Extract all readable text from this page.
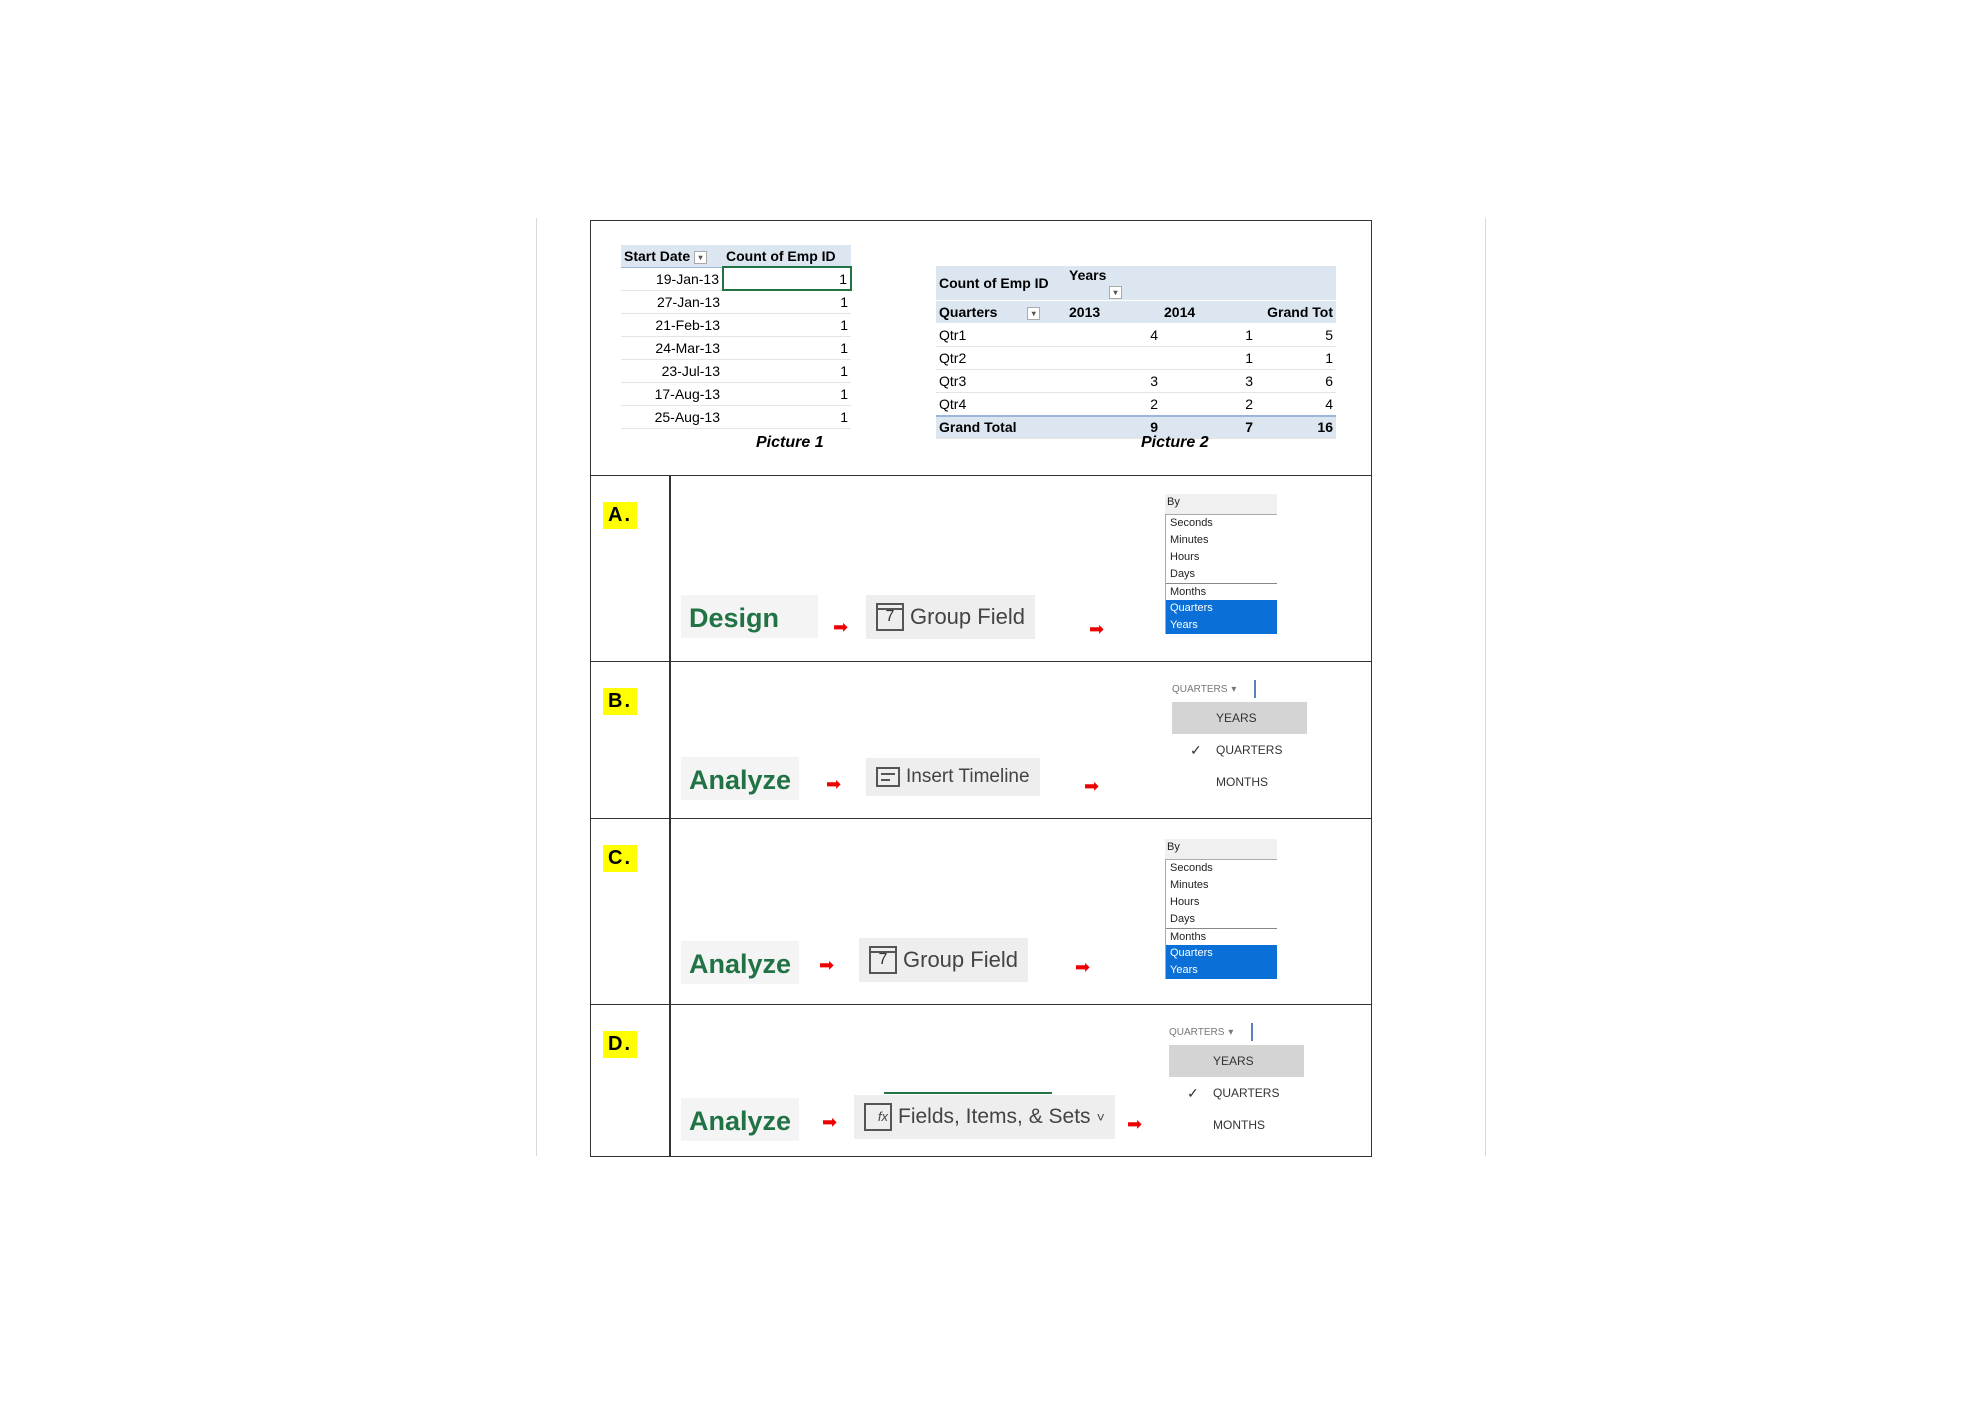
Start Date ▾	Count of Emp ID
19-Jan-13	1
27-Jan-13	1
21-Feb-13	1
24-Mar-13	1
23-Jul-13	1
17-Aug-13	1
25-Aug-13	1
Picture 1
Count of Emp ID	Years ▾		
Quarters ▾	2013	2014	Grand Tot
Qtr1	4	1	5
Qtr2		1	1
Qtr3	3	3	6
Qtr4	2	2	4
Grand Total	9	7	16
Picture 2
A.
Design	➡
7 Group Field	➡
By
Seconds
Minutes
Hours
Days
Months
Quarters
Years
B.
Analyze	➡	Insert Timeline	➡
QUARTERS ▾
YEARS
✓ QUARTERS
MONTHS
C.
Analyze	➡	7 Group Field	➡
By
Seconds
Minutes
Hours
Days
Months
Quarters
Years
D.
Analyze	➡	fx Fields, Items, & Sets ˅ ➡
QUARTERS ▾
YEARS
✓ QUARTERS
MONTHS
